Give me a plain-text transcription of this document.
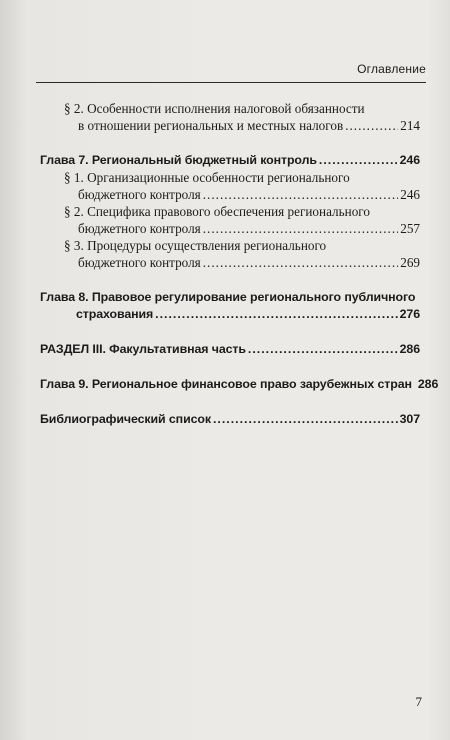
Оглавление
§ 2. Особенности исполнения налоговой обязанности
в отношении региональных и местных налогов .....	214
Глава 7. Региональный бюджетный контроль .....	246
§ 1. Организационные особенности регионального
бюджетного контроля .....	246
§ 2. Специфика правового обеспечения регионального
бюджетного контроля .....	257
§ 3. Процедуры осуществления регионального
бюджетного контроля .....	269
Глава 8. Правовое регулирование регионального публичного
страхования .....	276
РАЗДЕЛ III. Факультативная часть .....	286
Глава 9. Региональное финансовое право зарубежных стран 286
Библиографический список .....	307
7
